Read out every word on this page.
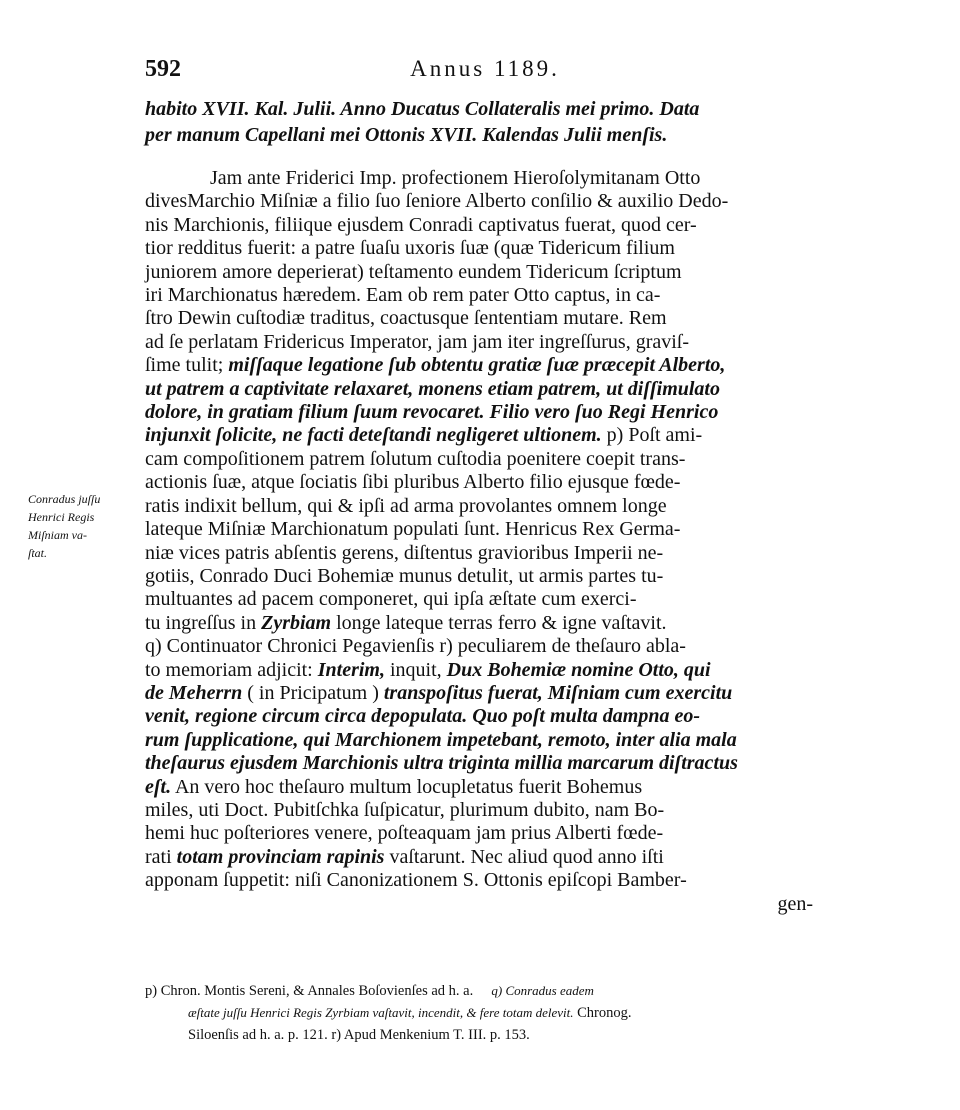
592	Annus 1189.
habito XVII. Kal. Julii. Anno Ducatus Collateralis mei primo. Data
per manum Capellani mei Ottonis XVII. Kalendas Julii menſis.
Jam ante Friderici Imp. profectionem Hieroſolymitanam Otto
divesMarchio Miſniæ a filio ſuo ſeniore Alberto conſilio & auxilio Dedo-
nis Marchionis, filiique ejusdem Conradi captivatus fuerat, quod cer-
tior redditus fuerit: a patre ſuaſu uxoris ſuæ (quæ Tidericum filium
juniorem amore deperierat) teſtamento eundem Tidericum ſcriptum
iri Marchionatus hæredem. Eam ob rem pater Otto captus, in ca-
ſtro Dewin cuſtodiæ traditus, coactusque ſententiam mutare. Rem
ad ſe perlatam Fridericus Imperator, jam jam iter ingreſſurus, graviſ-
ſime tulit; miſſaque legatione ſub obtentu gratiæ ſuæ præcepit Alberto,
ut patrem a captivitate relaxaret, monens etiam patrem, ut diſſimulato
dolore, in gratiam filium ſuum revocaret. Filio vero ſuo Regi Henrico
injunxit ſolicite, ne facti deteſtandi negligeret ultionem. p) Poſt ami-
cam compoſitionem patrem ſolutum cuſtodia poenitere coepit trans-
actionis ſuæ, atque ſociatis ſibi pluribus Alberto filio ejusque fœde-
ratis indixit bellum, qui & ipſi ad arma provolantes omnem longe
lateque Miſniæ Marchionatum populati ſunt. Henricus Rex Germa-
niæ vices patris abſentis gerens, diſtentus gravioribus Imperii ne-
gotiis, Conrado Duci Bohemiæ munus detulit, ut armis partes tu-
multuantes ad pacem componeret, qui ipſa æſtate cum exerci-
tu ingreſſus in Zyrbiam longe lateque terras ferro & igne vaſtavit.
q) Continuator Chronici Pegavienſis r) peculiarem de theſauro abla-
to memoriam adjicit: Interim, inquit, Dux Bohemiæ nomine Otto, qui
de Meherrn ( in Pricipatum ) transpoſitus fuerat, Miſniam cum exercitu
venit, regione circum circa depopulata. Quo poſt multa dampna eo-
rum ſupplicatione, qui Marchionem impetebant, remoto, inter alia mala
theſaurus ejusdem Marchionis ultra triginta millia marcarum diſtractus
eſt. An vero hoc theſauro multum locupletatus fuerit Bohemus
miles, uti Doct. Pubitſchka ſuſpicatur, plurimum dubito, nam Bo-
hemi huc poſteriores venere, poſteaquam jam prius Alberti fœde-
rati totam provinciam rapinis vaſtarunt. Nec aliud quod anno iſti
apponam ſuppetit: niſi Canonizationem S. Ottonis epiſcopi Bamber-
gen-
Conradus juſſu
Henrici Regis
Miſniam va-
ſtat.
p) Chron. Montis Sereni, & Annales Boſovienſes ad h. a. q) Conradus eadem
æſtate juſſu Henrici Regis Zyrbiam vaſtavit, incendit, & fere totam delevit. Chronog.
Siloenſis ad h. a. p. 121. r) Apud Menkenium T. III. p. 153.
